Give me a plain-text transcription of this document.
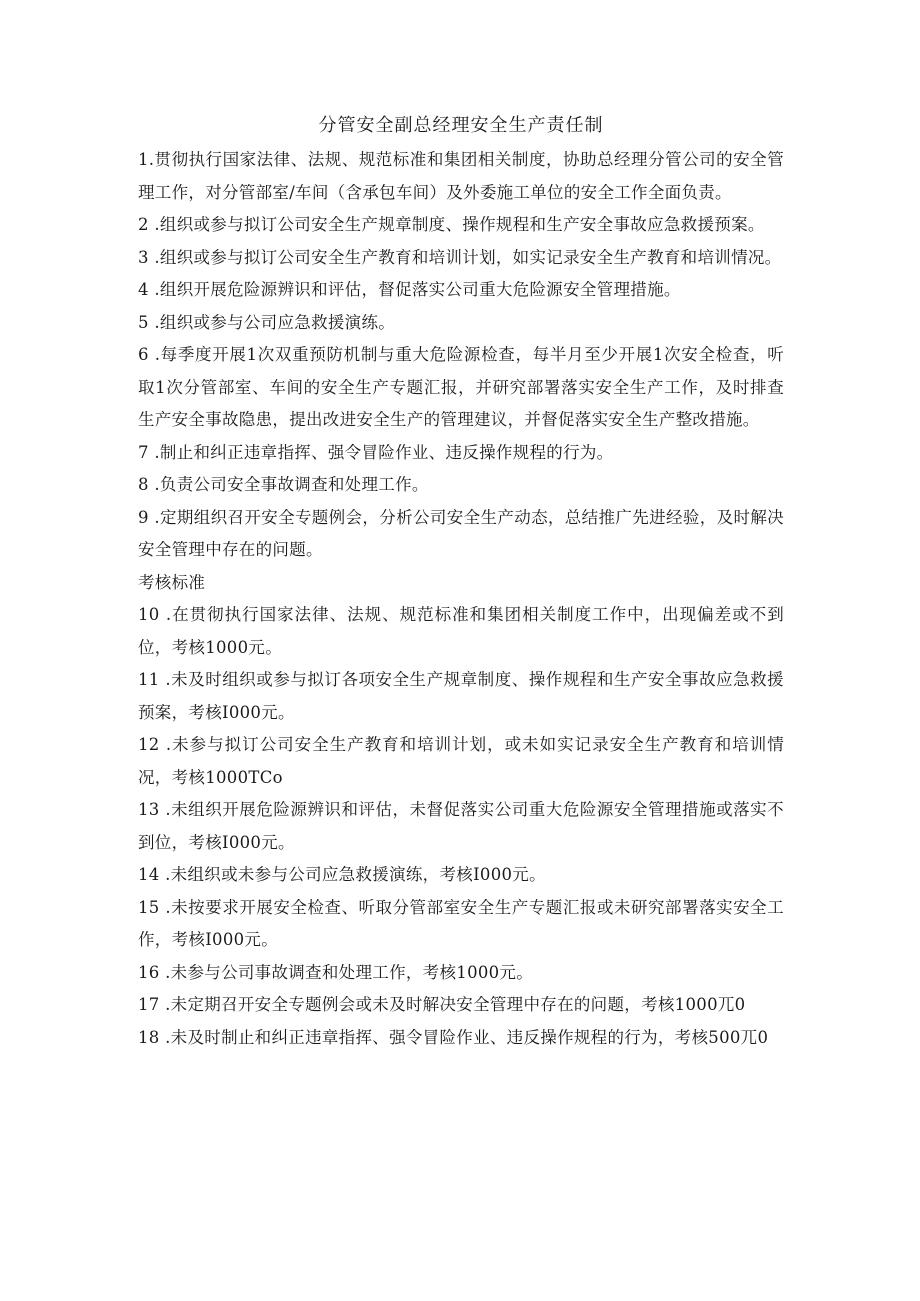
分管安全副总经理安全生产责任制

1.贯彻执行国家法律、法规、规范标准和集团相关制度，协助总经理分管公司的安全管理工作，对分管部室/车间（含承包车间）及外委施工单位的安全工作全面负责。

2 .组织或参与拟订公司安全生产规章制度、操作规程和生产安全事故应急救援预案。

3 .组织或参与拟订公司安全生产教育和培训计划，如实记录安全生产教育和培训情况。

4 .组织开展危险源辨识和评估，督促落实公司重大危险源安全管理措施。

5 .组织或参与公司应急救援演练。

6 .每季度开展1次双重预防机制与重大危险源检查，每半月至少开展1次安全检查，听取1次分管部室、车间的安全生产专题汇报，并研究部署落实安全生产工作，及时排查生产安全事故隐患，提出改进安全生产的管理建议，并督促落实安全生产整改措施。

7 .制止和纠正违章指挥、强令冒险作业、违反操作规程的行为。

8 .负责公司安全事故调查和处理工作。

9 .定期组织召开安全专题例会，分析公司安全生产动态，总结推广先进经验，及时解决安全管理中存在的问题。

考核标准

10 .在贯彻执行国家法律、法规、规范标准和集团相关制度工作中，出现偏差或不到位，考核1000元。

11 .未及时组织或参与拟订各项安全生产规章制度、操作规程和生产安全事故应急救援预案，考核I000元。

12 .未参与拟订公司安全生产教育和培训计划，或未如实记录安全生产教育和培训情况，考核1000TCo

13 .未组织开展危险源辨识和评估，未督促落实公司重大危险源安全管理措施或落实不到位，考核I000元。

14 .未组织或未参与公司应急救援演练，考核I000元。

15 .未按要求开展安全检查、听取分管部室安全生产专题汇报或未研究部署落实安全工作，考核I000元。

16 .未参与公司事故调查和处理工作，考核1000元。

17 .未定期召开安全专题例会或未及时解决安全管理中存在的问题，考核1000兀0

18 .未及时制止和纠正违章指挥、强令冒险作业、违反操作规程的行为，考核500兀0
